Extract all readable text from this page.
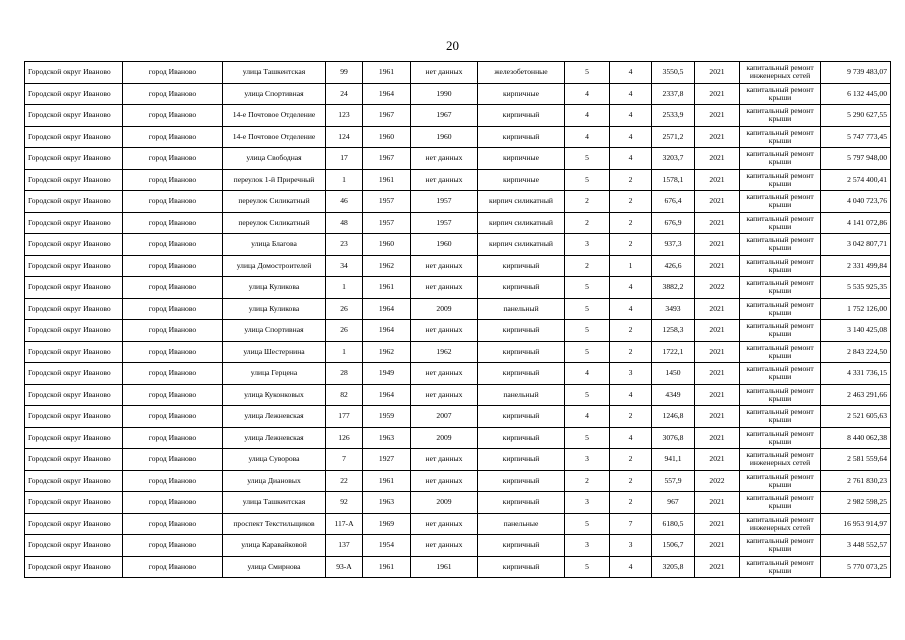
20
Городской округ Иваново	город Иваново	улица Ташкентская	99	1961	нет данных	железобетонные	5	4	3550,5	2021	капитальный ремонт инженерных сетей	9 739 483,07
Городской округ Иваново	город Иваново	улица Спортивная	24	1964	1990	кирпичные	4	4	2337,8	2021	капитальный ремонт крыши	6 132 445,00
Городской округ Иваново	город Иваново	14-е Почтовое Отделение	123	1967	1967	кирпичный	4	4	2533,9	2021	капитальный ремонт крыши	5 290 627,55
Городской округ Иваново	город Иваново	14-е Почтовое Отделение	124	1960	1960	кирпичный	4	4	2571,2	2021	капитальный ремонт крыши	5 747 773,45
Городской округ Иваново	город Иваново	улица Свободная	17	1967	нет данных	кирпичные	5	4	3203,7	2021	капитальный ремонт крыши	5 797 948,00
Городской округ Иваново	город Иваново	переулок 1-й Приречный	1	1961	нет данных	кирпичные	5	2	1578,1	2021	капитальный ремонт крыши	2 574 400,41
Городской округ Иваново	город Иваново	переулок Силикатный	46	1957	1957	кирпич силикатный	2	2	676,4	2021	капитальный ремонт крыши	4 040 723,76
Городской округ Иваново	город Иваново	переулок Силикатный	48	1957	1957	кирпич силикатный	2	2	676,9	2021	капитальный ремонт крыши	4 141 072,86
Городской округ Иваново	город Иваново	улица Благова	23	1960	1960	кирпич силикатный	3	2	937,3	2021	капитальный ремонт крыши	3 042 807,71
Городской округ Иваново	город Иваново	улица Домостроителей	34	1962	нет данных	кирпичный	2	1	426,6	2021	капитальный ремонт крыши	2 331 499,84
Городской округ Иваново	город Иваново	улица Куликова	1	1961	нет данных	кирпичный	5	4	3882,2	2022	капитальный ремонт крыши	5 535 925,35
Городской округ Иваново	город Иваново	улица Куликова	26	1964	2009	панельный	5	4	3493	2021	капитальный ремонт крыши	1 752 126,00
Городской округ Иваново	город Иваново	улица Спортивная	26	1964	нет данных	кирпичный	5	2	1258,3	2021	капитальный ремонт крыши	3 140 425,08
Городской округ Иваново	город Иваново	улица Шестернина	1	1962	1962	кирпичный	5	2	1722,1	2021	капитальный ремонт крыши	2 843 224,50
Городской округ Иваново	город Иваново	улица Герцена	28	1949	нет данных	кирпичный	4	3	1450	2021	капитальный ремонт крыши	4 331 736,15
Городской округ Иваново	город Иваново	улица Куконковых	82	1964	нет данных	панельный	5	4	4349	2021	капитальный ремонт крыши	2 463 291,66
Городской округ Иваново	город Иваново	улица Лежневская	177	1959	2007	кирпичный	4	2	1246,8	2021	капитальный ремонт крыши	2 521 605,63
Городской округ Иваново	город Иваново	улица Лежневская	126	1963	2009	кирпичный	5	4	3076,8	2021	капитальный ремонт крыши	8 440 062,38
Городской округ Иваново	город Иваново	улица Суворова	7	1927	нет данных	кирпичный	3	2	941,1	2021	капитальный ремонт инженерных сетей	2 581 559,64
Городской округ Иваново	город Иваново	улица Диановых	22	1961	нет данных	кирпичный	2	2	557,9	2022	капитальный ремонт крыши	2 761 830,23
Городской округ Иваново	город Иваново	улица Ташкентская	92	1963	2009	кирпичный	3	2	967	2021	капитальный ремонт крыши	2 982 598,25
Городской округ Иваново	город Иваново	проспект Текстильщиков	117-А	1969	нет данных	панельные	5	7	6180,5	2021	капитальный ремонт инженерных сетей	16 953 914,97
Городской округ Иваново	город Иваново	улица Каравайковой	137	1954	нет данных	кирпичный	3	3	1506,7	2021	капитальный ремонт крыши	3 448 552,57
Городской округ Иваново	город Иваново	улица Смирнова	93-А	1961	1961	кирпичный	5	4	3205,8	2021	капитальный ремонт крыши	5 770 073,25
